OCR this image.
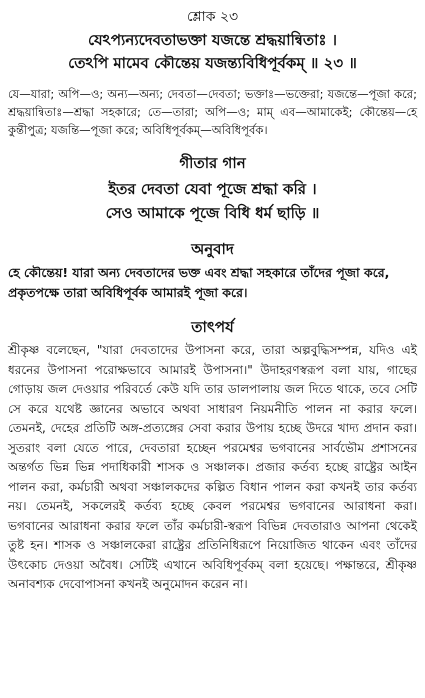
শ্লোক ২৩
যেঽপ্যন্যদেবতাভক্তা যজন্তে শ্রদ্ধয়ান্বিতাঃ ।
তেঽপি মামেব কৌন্তেয় যজন্ত্যবিধিপূর্বকম্‌ ॥ ২৩ ॥
যে—যারা; অপি—ও; অন্য—অন্য; দেবতা—দেবতা; ভক্তাঃ—ভক্তেরা; যজন্তে—পূজা করে; শ্রদ্ধয়ান্বিতাঃ—শ্রদ্ধা সহকারে; তে—তারা; অপি—ও; মাম্‌ এব—আমাকেই; কৌন্তেয়—হে কুন্তীপুত্র; যজন্তি—পূজা করে; অবিধিপূর্বকম্‌—অবিধিপূর্বক।
গীতার গান
ইতর দেবতা যেবা পূজে শ্রদ্ধা করি ।
সেও আমাকে পূজে বিধি ধর্ম ছাড়ি ॥
অনুবাদ
হে কৌন্তেয়! যারা অন্য দেবতাদের ভক্ত এবং শ্রদ্ধা সহকারে তাঁদের পূজা করে, প্রকৃতপক্ষে তারা অবিধিপূর্বক আমারই পূজা করে।
তাৎপর্য

শ্রীকৃষ্ণ বলেছেন, "যারা দেবতাদের উপাসনা করে, তারা অল্পবুদ্ধিসম্পন্ন, যদিও এই ধরনের উপাসনা পরোক্ষভাবে আমারই উপাসনা।" উদাহরণস্বরূপ বলা যায়, গাছের গোড়ায় জল দেওয়ার পরিবর্তে কেউ যদি তার ডালপালায় জল দিতে থাকে, তবে সেটি সে করে যথেষ্ট জ্ঞানের অভাবে অথবা সাধারণ নিয়মনীতি পালন না করার ফলে। তেমনই, দেহের প্রতিটি অঙ্গ-প্রত্যঙ্গের সেবা করার উপায় হচ্ছে উদরে খাদ্য প্রদান করা। সুতরাং বলা যেতে পারে, দেবতারা হচ্ছেন পরমেশ্বর ভগবানের সার্বভৌম প্রশাসনের অন্তর্গত ভিন্ন ভিন্ন পদাধিকারী শাসক ও সঞ্চালক। প্রজার কর্তব্য হচ্ছে রাষ্ট্রের আইন পালন করা, কর্মচারী অথবা সঞ্চালকদের কল্পিত বিধান পালন করা কখনই তার কর্তব্য নয়। তেমনই, সকলেরই কর্তব্য হচ্ছে কেবল পরমেশ্বর ভগবানের আরাধনা করা। ভগবানের আরাধনা করার ফলে তাঁর কর্মচারী-স্বরূপ বিভিন্ন দেবতারাও আপনা থেকেই তুষ্ট হন। শাসক ও সঞ্চালকেরা রাষ্ট্রের প্রতিনিধিরূপে নিয়োজিত থাকেন এবং তাঁদের উৎকোচ দেওয়া অবৈধ। সেটিই এখানে অবিধিপূর্বকম্‌ বলা হয়েছে। পক্ষান্তরে, শ্রীকৃষ্ণ অনাবশ্যক দেবোপাসনা কখনই অনুমোদন করেন না।
